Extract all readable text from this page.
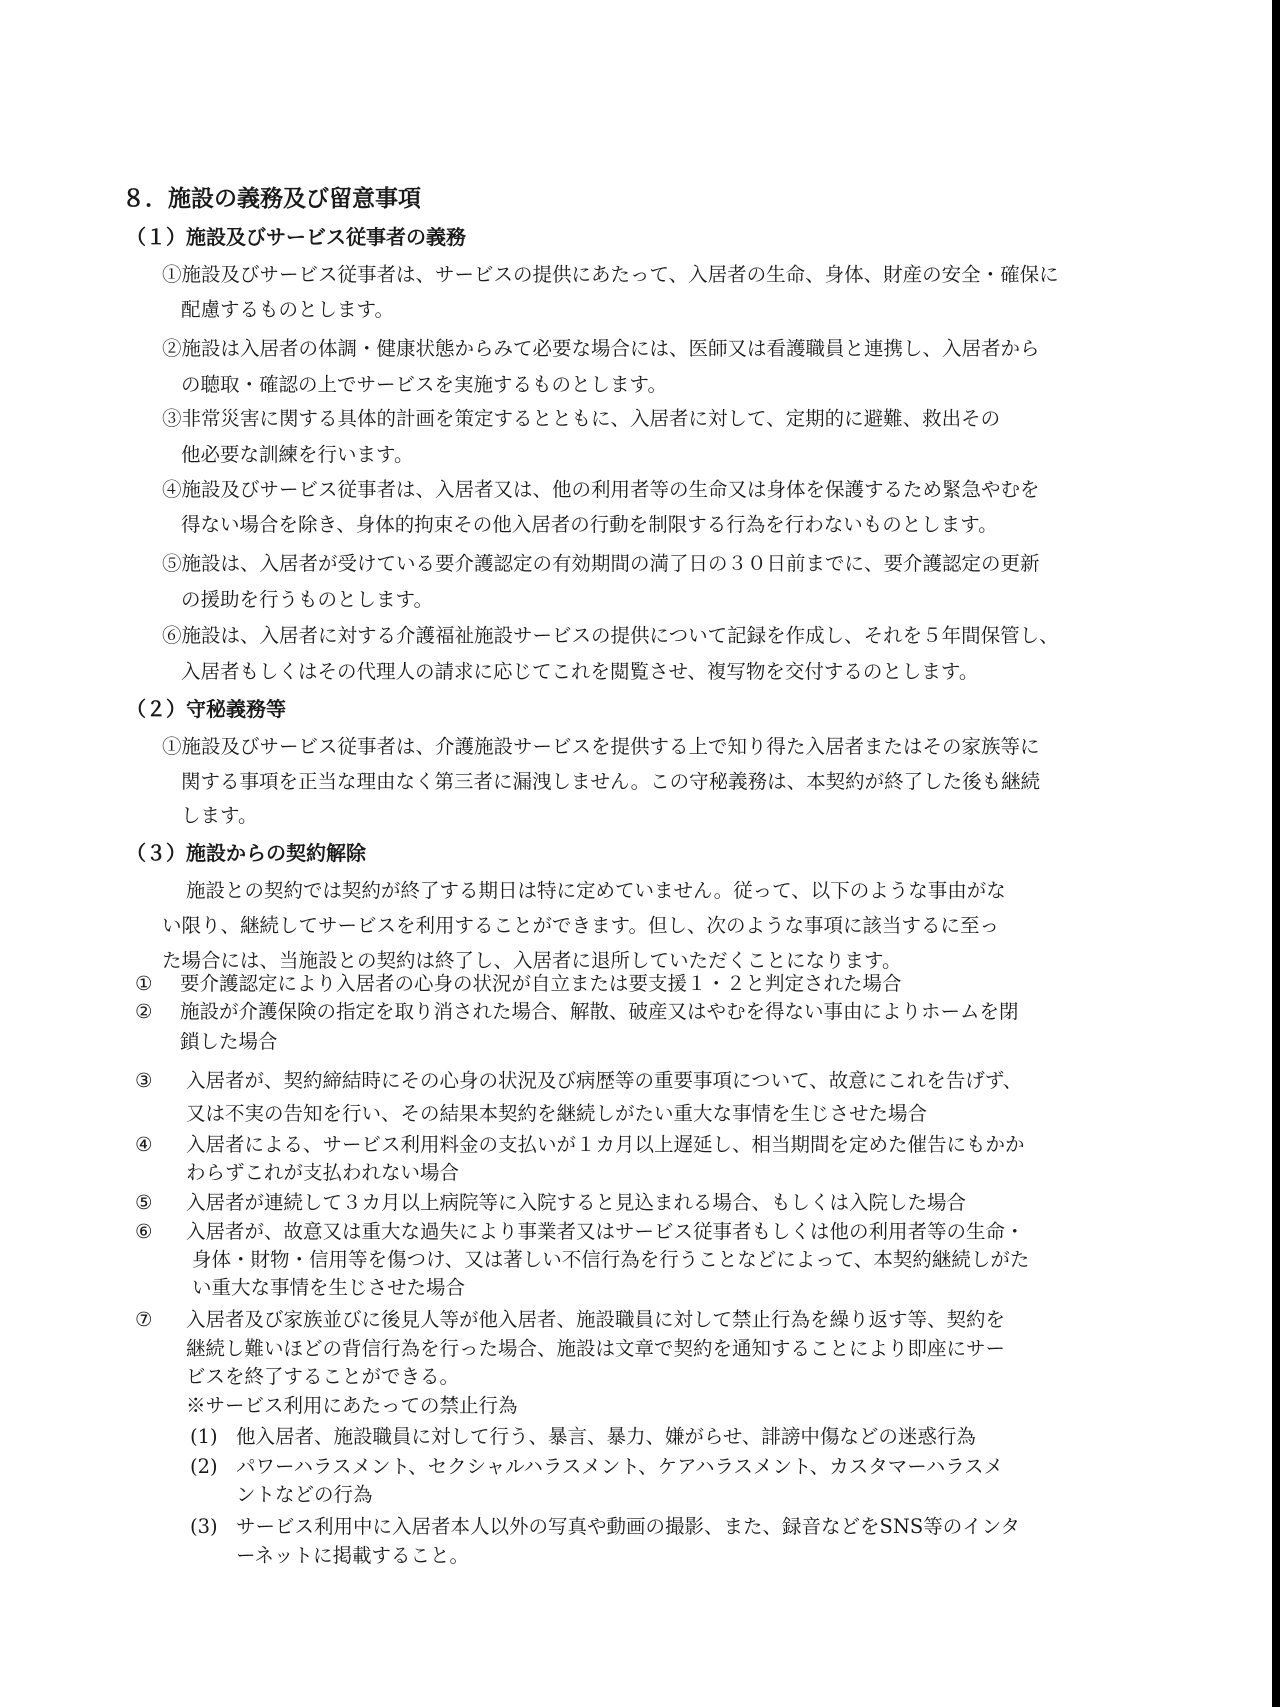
８．施設の義務及び留意事項
（１）施設及びサービス従事者の義務
①施設及びサービス従事者は、サービスの提供にあたって、入居者の生命、身体、財産の安全・確保に
配慮するものとします。
②施設は入居者の体調・健康状態からみて必要な場合には、医師又は看護職員と連携し、入居者から
の聴取・確認の上でサービスを実施するものとします。
③非常災害に関する具体的計画を策定するとともに、入居者に対して、定期的に避難、救出その
他必要な訓練を行います。
④施設及びサービス従事者は、入居者又は、他の利用者等の生命又は身体を保護するため緊急やむを
得ない場合を除き、身体的拘束その他入居者の行動を制限する行為を行わないものとします。
⑤施設は、入居者が受けている要介護認定の有効期間の満了日の３０日前までに、要介護認定の更新
の援助を行うものとします。
⑥施設は、入居者に対する介護福祉施設サービスの提供について記録を作成し、それを５年間保管し、
入居者もしくはその代理人の請求に応じてこれを閲覧させ、複写物を交付するのとします。
（２）守秘義務等
①施設及びサービス従事者は、介護施設サービスを提供する上で知り得た入居者またはその家族等に
関する事項を正当な理由なく第三者に漏洩しません。この守秘義務は、本契約が終了した後も継続
します。
（３）施設からの契約解除
施設との契約では契約が終了する期日は特に定めていません。従って、以下のような事由がな
い限り、継続してサービスを利用することができます。但し、次のような事項に該当するに至っ
た場合には、当施設との契約は終了し、入居者に退所していただくことになります。
① 要介護認定により入居者の心身の状況が自立または要支援１・２と判定された場合
② 施設が介護保険の指定を取り消された場合、解散、破産又はやむを得ない事由によりホームを閉
鎖した場合
③ 入居者が、契約締結時にその心身の状況及び病歴等の重要事項について、故意にこれを告げず、
又は不実の告知を行い、その結果本契約を継続しがたい重大な事情を生じさせた場合
④ 入居者による、サービス利用料金の支払いが１カ月以上遅延し、相当期間を定めた催告にもかか
わらずこれが支払われない場合
⑤ 入居者が連続して３カ月以上病院等に入院すると見込まれる場合、もしくは入院した場合
⑥ 入居者が、故意又は重大な過失により事業者又はサービス従事者もしくは他の利用者等の生命・
身体・財物・信用等を傷つけ、又は著しい不信行為を行うことなどによって、本契約継続しがた
い重大な事情を生じさせた場合
⑦ 入居者及び家族並びに後見人等が他入居者、施設職員に対して禁止行為を繰り返す等、契約を
継続し難いほどの背信行為を行った場合、施設は文章で契約を通知することにより即座にサー
ビスを終了することができる。
※サービス利用にあたっての禁止行為
(1) 他入居者、施設職員に対して行う、暴言、暴力、嫌がらせ、誹謗中傷などの迷惑行為
(2) パワーハラスメント、セクシャルハラスメント、ケアハラスメント、カスタマーハラスメ
ントなどの行為
(3) サービス利用中に入居者本人以外の写真や動画の撮影、また、録音などをSNS等のインタ
ーネットに掲載すること。
